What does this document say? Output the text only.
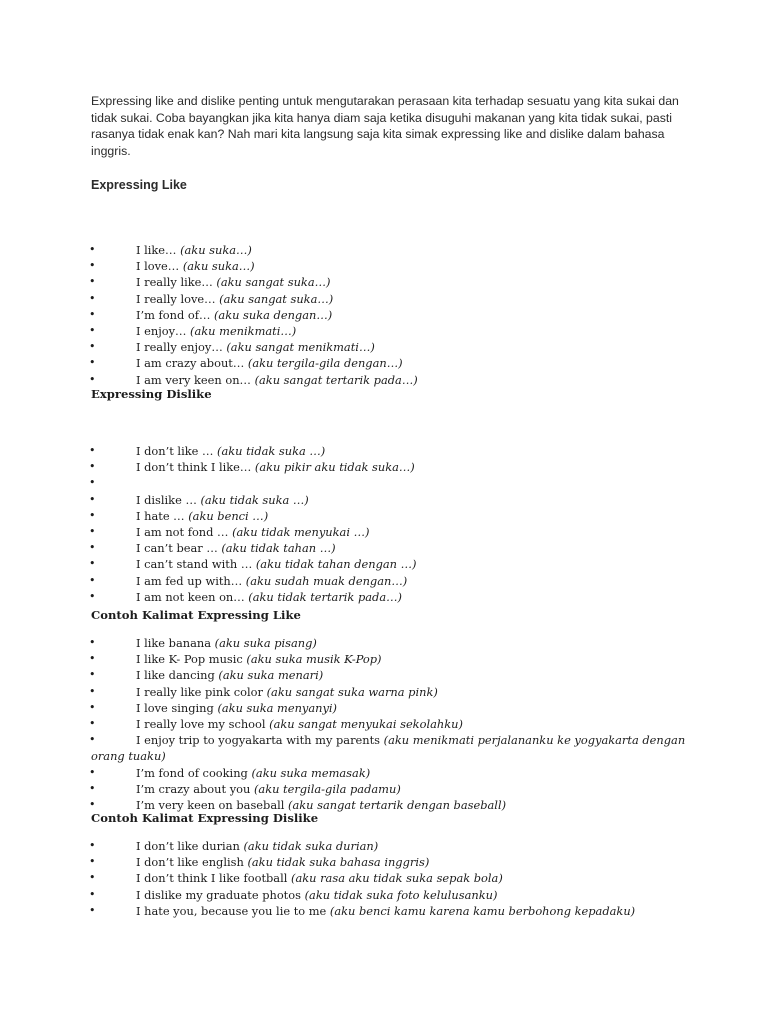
Expressing like and dislike penting untuk mengutarakan perasaan kita terhadap sesuatu yang kita sukai dan tidak sukai. Coba bayangkan jika kita hanya diam saja ketika disuguhi makanan yang kita tidak sukai, pasti rasanya tidak enak kan? Nah mari kita langsung saja kita simak expressing like and dislike dalam bahasa inggris.

Expressing Like
•	I like… (aku suka…)
•	I love… (aku suka…)
•	I really like… (aku sangat suka…)
•	I really love… (aku sangat suka…)
•	I’m fond of… (aku suka dengan…)
•	I enjoy… (aku menikmati…)
•	I really enjoy… (aku sangat menikmati…)
•	I am crazy about… (aku tergila-gila dengan…)
•	I am very keen on… (aku sangat tertarik pada…)
Expressing Dislike
•	I don’t like … (aku tidak suka …)
•	I don’t think I like… (aku pikir aku tidak suka…)
•
•	I dislike … (aku tidak suka …)
•	I hate … (aku benci …)
•	I am not fond … (aku tidak menyukai …)
•	I can’t bear … (aku tidak tahan …)
•	I can’t stand with … (aku tidak tahan dengan …)
•	I am fed up with… (aku sudah muak dengan…)
•	I am not keen on… (aku tidak tertarik pada…)
Contoh Kalimat Expressing Like
•	I like banana (aku suka pisang)
•	I like K- Pop music (aku suka musik K-Pop)
•	I like dancing (aku suka menari)
•	I really like pink color (aku sangat suka warna pink)
•	I love singing (aku suka menyanyi)
•	I really love my school (aku sangat menyukai sekolahku)
•	I enjoy trip to yogyakarta with my parents (aku menikmati perjalananku ke yogyakarta dengan orang tuaku)
•	I’m fond of cooking (aku suka memasak)
•	I’m crazy about you (aku tergila-gila padamu)
•	I’m very keen on baseball (aku sangat tertarik dengan baseball)
Contoh Kalimat Expressing Dislike
•	I don’t like durian (aku tidak suka durian)
•	I don’t like english (aku tidak suka bahasa inggris)
•	I don’t think I like football (aku rasa aku tidak suka sepak bola)
•	I dislike my graduate photos (aku tidak suka foto kelulusanku)
•	I hate you, because you lie to me (aku benci kamu karena kamu berbohong kepadaku)
